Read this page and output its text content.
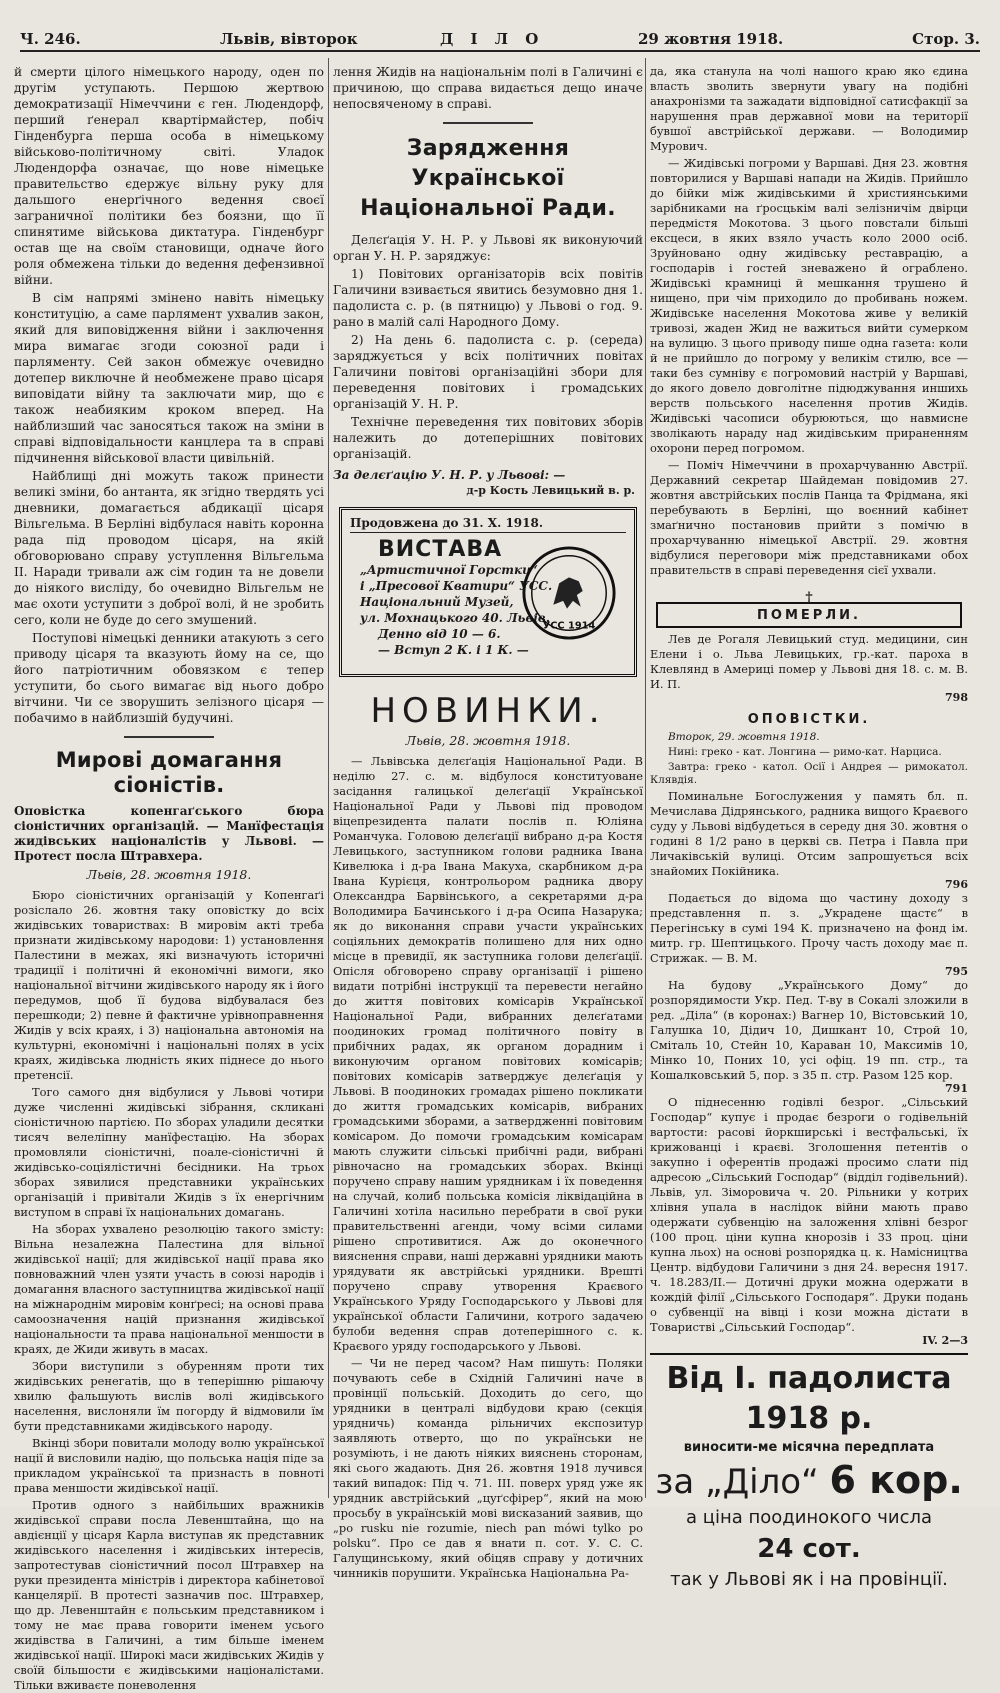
Ч. 246.	Львів, вівторок	Д І Л О	29 жовтня 1918.	Стор. 3.

й смерти цілого німецького народу, оден по другім уступають. Першою жертвою демократизації Німеччини є ген. Людендорф, перший ґенерал квартірмайстер, побіч Гінденбурга перша особа в німецькому військово-політичному світі. Уладок Людендорфа означає, що нове німецьке правительство єдержує вільну руку для дальшого енерґічного ведення своєї заграничної політики без боязни, що її спинятиме військова диктатура. Гінденбург остав ще на своїм становищи, одначе його роля обмежена тільки до ведення дефензивної війни.

В сім напрямі змінено навіть німецьку конституцію, а саме парлямент ухвалив закон, який для виповідження війни і заключення мира вимагає згоди союзної ради і парляменту. Сей закон обмежує очевидно дотепер виключне й необмежене право цісаря виповідати війну та заключати мир, що є також неабияким кроком вперед. На найблизший час заносяться також на зміни в справі відповідальности канцлера та в справі підчинення військової власти цивільній.

Найблищі дні можуть також принести великі зміни, бо антанта, як згідно твердять усі дневники, домагається абдикації цісаря Вільгельма. В Берліні відбулася навіть коронна рада під проводом цісаря, на якій обговорювано справу уступлення Вільгельма II. Наради тривали аж сім годин та не довели до ніякого висліду, бо очевидно Вільгельм не має охоти уступити з доброї волі, й не зробить сего, коли не буде до сего змушений.

Поступові німецькі денники атакують з сего приводу цісаря та вказують йому на се, що його патріотичним обовязком є тепер уступити, бо сього вимагає від нього добро вітчини. Чи се зворушить зелізного цісаря — побачимо в найблизшій будучині.

Мирові домагання сіоністів.
Оповістка копенгаґського бюра сіоністичних організацій. — Манїфестація жидівських націоналістів у Львові. — Протест посла Штравхера.
Львів, 28. жовтня 1918.

Бюро сіоністичних організацій у Копенгаґі розіслало 26. жовтня таку оповістку до всіх жидівських товариствах: В мировім акті треба признати жидівському народови: 1) установлення Палестини в межах, які визначують історичні традиції і політичні й економічні вимоги, яко національної вітчини жидівського народу як і його передумов, щоб її будова відбувалася без перешкоди; 2) певне й фактичне урівноправнення Жидів у всіх краях, і 3) національна автономія на культурні, економічні і національні полях в усіх краях, жидівська людність яких піднесе до нього претенсії.

Того самого дня відбулися у Львові чотири дуже численні жидівські зібрання, скликані сіоністичною партією. По зборах уладили десятки тисяч велеліпну манїфестацію. На зборах промовляли сіоністичні, поале-сіоністичні й жидівсько-соціялістичні бесідники. На трьох зборах зявилися представники українських організацій і привітали Жидів з їх енергічним виступом в справі їх національних домагань.

На зборах ухвалено резолюцію такого змісту: Вільна незалежна Палестина для вільної жидівської нації; для жидівської нації права яко повноважний член узяти участь в союзі народів і домагання власного заступництва жидівської нації на міжнароднім мировім конґресі; на основі права самоозначення націй признання жидівської національности та права національної меншости в краях, де Жиди живуть в масах.

Збори виступили з обуренням проти тих жидівських ренегатів, що в теперішню рішаючу хвилю фальшують вислів волі жидівського населення, вислоняли їм погорду й відмовили їм бути представниками жидівського народу.

Вкінці збори повитали молоду волю української нації й висловили надію, що польська нація піде за прикладом української та признасть в повноті права меншости жидівської нації.

Против одного з найбільших вражників жидівської справи посла Левенштайна, що на авдієнції у цісаря Карла виступав як представник жидівського населення і жидівських інтересів, запротестував сіоністичний посол Штравхер на руки президента міністрів і директора кабінетової канцелярії. В протесті зазначив пос. Штравхер, що др. Левенштайн є польським представником і тому не має права говорити іменем усього жидівства в Галичині, а тим більше іменем жидівської нації. Широкі маси жидівських Жидів у своїй більшости є жидівськими націоналістами. Тільки вживаєте поневолення

лення Жидів на національнім полі в Галичині є причиною, що справа видається дещо иначе непосвяченому в справі.

Зарядження Української Національної Ради.

Делєґація У. Н. Р. у Львові як виконуючий орган У. Н. Р. заряджує:

1) Повітових організаторів всіх повітів Галичини взивається явитись безумовно дня 1. падолиста с. р. (в пятницю) у Львові о год. 9. рано в малій салі Народного Дому.

2) На день 6. падолиста с. р. (середа) заряджується у всіх політичних повітах Галичини повітові організаційні збори для переведення повітових і громадських організацій У. Н. Р.

Технічне переведення тих повітових зборів належить до дотеперішних повітових організацій.

За делєґацію У. Н. Р. у Львові: —
д-р Кость Левицький в. р.
Продовжена до 31. X. 1918.
ВИСТАВА
„Артистичної Горстки“
і „Пресової Кватири“ УСС.
Національний Музей,
ул. Мохнацького 40. Львів.
Денно від 10 — 6.
— Вступ 2 К. і 1 К. —
УСС 1914
НОВИНКИ.
Львів, 28. жовтня 1918.

— Львівська делєґація Національної Ради. В неділю 27. с. м. відбулося конституоване засідання галицької делєґації Української Національної Ради у Львові під проводом віцепрезидента палати послів п. Юліяна Романчука. Головою делєґації вибрано д-ра Костя Левицького, заступником голови радника Івана Кивелюка і д-ра Івана Макуха, скарбником д-ра Івана Курієця, контрольором радника двору Олександра Барвінського, а секретарями д-ра Володимира Бачинського і д-ра Осипа Назарука; як до виконання справи участи українських соціяльних демократів полишено для них одно місце в превидії, як заступника голови делєґації. Опісля обговорено справу організації і рішено видати потрібні інструкції та перевести негайно до життя повітових комісарів Української Національної Ради, вибранних делєґатами поодиноких громад політичного повіту в прибічних радах, як органом дорадним і виконуючим органом повітових комісарів; повітових комісарів затверджує делєґація у Львові. В поодиноких громадах рішено покликати до життя громадських комісарів, вибраних громадськими зборами, а затвердженні повітовим комісаром. До помочи громадським комісарам мають служити сільські прибічні ради, вибрані рівночасно на громадських зборах. Вкінці поручено справу нашим урядникам і їх поведення на случай, колиб польська комісія ліквідаційна в Галичині хотіла насильно перебрати в свої руки правительственні агенди, чому всіми силами рішено спротивитися. Аж до оконечного вияснення справи, наші державні урядники мають урядувати як австрійські урядники. Врешті поручено справу утворення Краєвого Українського Уряду Господарського у Львові для української области Галичини, котрого задачею булоби ведення справ дотеперішного с. к. Краєвого уряду господарського у Львові.

— Чи не перед часом? Нам пишуть: Поляки почувають себе в Східній Галичині наче в провінції польській. Доходить до сего, що урядники в централі відбудови краю (секція урядничь) команда рільничих експозитур заявляють отверто, що по українськи не розуміють, і не дають ніяких вияснень сторонам, які сього жадають. Дня 26. жовтня 1918 лучився такий випадок: Під ч. 71. III. поверх уряд уже як урядник австрійський „цуґсфірер“, який на мою просьбу в українській мові висказаний заявив, що „po rusku nie rozumie, niech pan mówi tylko po polsku“. Про се дав я внати п. сот. У. С. С. Галущинському, який обіцяв справу у дотичних чинників порушити. Українська Національна Ра-

да, яка станула на чолі нашого краю яко єдина власть зволить звернути увагу на подібні анахронізми та зажадати відповідної сатисфакції за нарушення прав державної мови на території бувшої австрійської держави. — Володимир Мурович.

— Жидівські погроми у Варшаві. Дня 23. жовтня повторилися у Варшаві напади на Жидів. Прийшло до бійки між жидівськими й християнськими зарібниками на ґросцькім валі зелізничім двірци передмістя Мокотова. З цього повстали більші ексцеси, в яких взяло участь коло 2000 осіб. Зруйновано одну жидівську реставрацію, а господарів і гостей зневажено й ограблено. Жидівські крамниці й мешкання трушено й нищено, при чім приходило до пробивань ножем. Жидівське населення Мокотова живе у великій тривозі, жаден Жид не важиться вийти сумерком на вулицю. З цього приводу пише одна газета: коли й не прийшло до погрому у великім стилю, все — таки без сумніву є погромовий настрій у Варшаві, до якого довело довголітне підюджування иншихь верств польського населення против Жидів. Жидівські часописи обурюються, що навмисне зволікають нараду над жидівським прираненням охорони перед погромом.

— Поміч Німеччини в прохарчуванню Австрії. Державний секретар Шайдеман повідомив 27. жовтня австрійських послів Панца та Фрідмана, які перебувають в Берліні, що воєнний кабінет змаґнично постановив прийти з помічю в прохарчуванню німецької Австрії. 29. жовтня відбулися переговори між представниками обох правительств в справі переведення сієї ухвали.

†
ПОМЕРЛИ.

Лев де Рогаля Левицький студ. медицини, син Елени і о. Льва Левицьких, гр.-кат. пароха в Клевлянд в Америці помер у Львові дня 18. с. м. В. И. П.

798
ОПОВІСТКИ.

Второк, 29. жовтня 1918.

Нині: греко - кат. Лонгина — римо-кат. Нарциса.

Завтра: греко - катол. Осії і Андрея — римокатол. Клявдія.

Поминальне Богослужения у память бл. п. Мечислава Дідрянського, радника вищого Краєвого суду у Львові відбудеться в середу дня 30. жовтня о годині 8 1/2 рано в церкві св. Петра і Павла при Личаківській вулиці. Отсим запрошується всіх знайомих Покійника.

796

Подається до відома що частину доходу з представлення п. з. „Украдене щастє“ в Перегінську в сумі 194 К. призначено на фонд ім. митр. гр. Шептицького. Прочу часть доходу має п. Стрижак. — В. М.

795

На будову „Українського Дому“ до розпорядимости Укр. Пед. Т-ву в Сокалі зложили в ред. „Діла“ (в коронах:) Вагнер 10, Вістовський 10, Галушка 10, Дідич 10, Дишкант 10, Строй 10, Сміталь 10, Стейн 10, Караван 10, Максимів 10, Мінко 10, Поних 10, усі офіц. 19 пп. стр., та Кошалковський 5, пор. з 35 п. стр. Разом 125 кор.

791

О піднесенню годівлі безрог. „Сільський Господар“ купує і продає безроги о годівельній вартости: расові йоркширські і вестфальські, їх крижованці і краєві. Зголошення петентів о закупно і оферентів продажі просимо слати під адресою „Сільський Господар“ (відділ годівельний). Львів, ул. Зіморовича ч. 20. Рільники у котрих хлівня упала в наслідок війни мають право одержати субвенцію на заложення хлівні безрог (100 проц. ціни купна кнорозів і 33 проц. ціни купна льох) на основі розпорядка ц. к. Намісництва Центр. відбудови Галичини з дня 24. вересня 1917. ч. 18.283/II.— Дотичні друки можна одержати в кождій філії „Сільського Господаря“. Друки подань о субвенції на вівці і кози можна дістати в Товаристві „Сільський Господар“.

IV. 2—3
Від I. падолиста 1918 р.
виносити-ме місячна передплата
за „Діло“ 6 кор.
а ціна поодинокого числа
24 сот.
так у Львові як і на провінції.
